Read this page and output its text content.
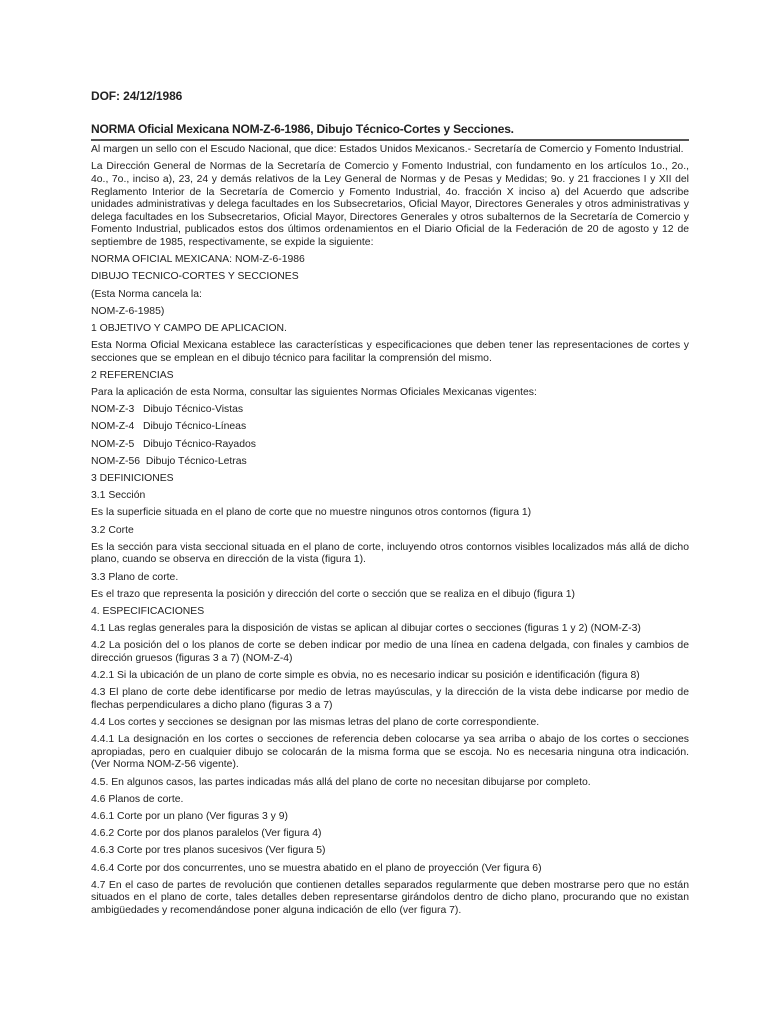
DOF: 24/12/1986
NORMA Oficial Mexicana NOM-Z-6-1986, Dibujo Técnico-Cortes y Secciones.

Al margen un sello con el Escudo Nacional, que dice: Estados Unidos Mexicanos.- Secretaría de Comercio y Fomento Industrial.

La Dirección General de Normas de la Secretaría de Comercio y Fomento Industrial, con fundamento en los artículos 1o., 2o., 4o., 7o., inciso a), 23, 24 y demás relativos de la Ley General de Normas y de Pesas y Medidas; 9o. y 21 fracciones I y XII del Reglamento Interior de la Secretaría de Comercio y Fomento Industrial, 4o. fracción X inciso a) del Acuerdo que adscribe unidades administrativas y delega facultades en los Subsecretarios, Oficial Mayor, Directores Generales y otros administrativas y delega facultades en los Subsecretarios, Oficial Mayor, Directores Generales y otros subalternos de la Secretaría de Comercio y Fomento Industrial, publicados estos dos últimos ordenamientos en el Diario Oficial de la Federación de 20 de agosto y 12 de septiembre de 1985, respectivamente, se expide la siguiente:

NORMA OFICIAL MEXICANA: NOM-Z-6-1986

DIBUJO TECNICO-CORTES Y SECCIONES

(Esta Norma cancela la:

NOM-Z-6-1985)

1 OBJETIVO Y CAMPO DE APLICACION.

Esta Norma Oficial Mexicana establece las características y especificaciones que deben tener las representaciones de cortes y secciones que se emplean en el dibujo técnico para facilitar la comprensión del mismo.

2 REFERENCIAS

Para la aplicación de esta Norma, consultar las siguientes Normas Oficiales Mexicanas vigentes:

NOM-Z-3   Dibujo Técnico-Vistas

NOM-Z-4   Dibujo Técnico-Líneas

NOM-Z-5   Dibujo Técnico-Rayados

NOM-Z-56  Dibujo Técnico-Letras

3 DEFINICIONES

3.1 Sección

Es la superficie situada en el plano de corte que no muestre ningunos otros contornos (figura 1)

3.2 Corte

Es la sección para vista seccional situada en el plano de corte, incluyendo otros contornos visibles localizados más allá de dicho plano, cuando se observa en dirección de la vista (figura 1).

3.3 Plano de corte.

Es el trazo que representa la posición y dirección del corte o sección que se realiza en el dibujo (figura 1)

4. ESPECIFICACIONES

4.1 Las reglas generales para la disposición de vistas se aplican al dibujar cortes o secciones (figuras 1 y 2) (NOM-Z-3)

4.2 La posición del o los planos de corte se deben indicar por medio de una línea en cadena delgada, con finales y cambios de dirección gruesos (figuras 3 a 7) (NOM-Z-4)

4.2.1 Si la ubicación de un plano de corte simple es obvia, no es necesario indicar su posición e identificación (figura 8)

4.3 El plano de corte debe identificarse por medio de letras mayúsculas, y la dirección de la vista debe indicarse por medio de flechas perpendiculares a dicho plano (figuras 3 a 7)

4.4 Los cortes y secciones se designan por las mismas letras del plano de corte correspondiente.

4.4.1 La designación en los cortes o secciones de referencia deben colocarse ya sea arriba o abajo de los cortes o secciones apropiadas, pero en cualquier dibujo se colocarán de la misma forma que se escoja. No es necesaria ninguna otra indicación. (Ver Norma NOM-Z-56 vigente).

4.5. En algunos casos, las partes indicadas más allá del plano de corte no necesitan dibujarse por completo.

4.6 Planos de corte.

4.6.1 Corte por un plano (Ver figuras 3 y 9)

4.6.2 Corte por dos planos paralelos (Ver figura 4)

4.6.3 Corte por tres planos sucesivos (Ver figura 5)

4.6.4 Corte por dos concurrentes, uno se muestra abatido en el plano de proyección (Ver figura 6)

4.7 En el caso de partes de revolución que contienen detalles separados regularmente que deben mostrarse pero que no están situados en el plano de corte, tales detalles deben representarse girándolos dentro de dicho plano, procurando que no existan ambigüedades y recomendándose poner alguna indicación de ello (ver figura 7).
